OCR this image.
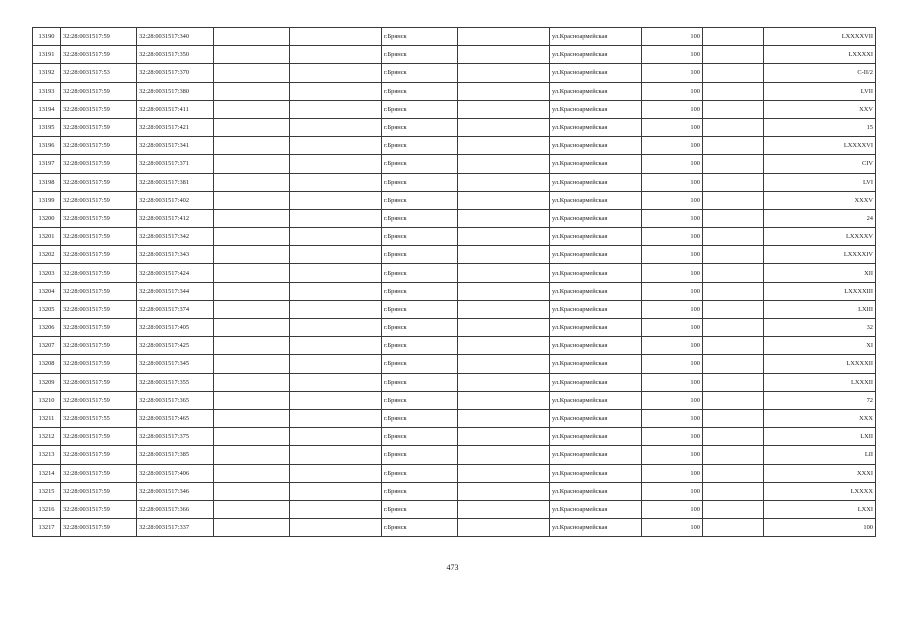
13190	32:28:0031517:59	32:28:0031517:340			г.Брянск		ул.Красноармейская	100		LXXXXVII
13191	32:28:0031517:59	32:28:0031517:350			г.Брянск		ул.Красноармейская	100		LXXXXI
13192	32:28:0031517:53	32:28:0031517:370			г.Брянск		ул.Красноармейская	100		С-II/2
13193	32:28:0031517:59	32:28:0031517:380			г.Брянск		ул.Красноармейская	100		LVII
13194	32:28:0031517:59	32:28:0031517:411			г.Брянск		ул.Красноармейская	100		XXV
13195	32:28:0031517:59	32:28:0031517:421			г.Брянск		ул.Красноармейская	100		15
13196	32:28:0031517:59	32:28:0031517:341			г.Брянск		ул.Красноармейская	100		LXXXXVI
13197	32:28:0031517:59	32:28:0031517:371			г.Брянск		ул.Красноармейская	100		CIV
13198	32:28:0031517:59	32:28:0031517:381			г.Брянск		ул.Красноармейская	100		LVI
13199	32:28:0031517:59	32:28:0031517:402			г.Брянск		ул.Красноармейская	100		XXXV
13200	32:28:0031517:59	32:28:0031517:412			г.Брянск		ул.Красноармейская	100		24
13201	32:28:0031517:59	32:28:0031517:342			г.Брянск		ул.Красноармейская	100		LXXXXV
13202	32:28:0031517:59	32:28:0031517:343			г.Брянск		ул.Красноармейская	100		LXXXXIV
13203	32:28:0031517:59	32:28:0031517:424			г.Брянск		ул.Красноармейская	100		XII
13204	32:28:0031517:59	32:28:0031517:344			г.Брянск		ул.Красноармейская	100		LXXXXIII
13205	32:28:0031517:59	32:28:0031517:374			г.Брянск		ул.Красноармейская	100		LXIII
13206	32:28:0031517:59	32:28:0031517:405			г.Брянск		ул.Красноармейская	100		32
13207	32:28:0031517:59	32:28:0031517:425			г.Брянск		ул.Красноармейская	100		XI
13208	32:28:0031517:59	32:28:0031517:345			г.Брянск		ул.Красноармейская	100		LXXXXII
13209	32:28:0031517:59	32:28:0031517:355			г.Брянск		ул.Красноармейская	100		LXXXII
13210	32:28:0031517:59	32:28:0031517:365			г.Брянск		ул.Красноармейская	100		72
13211	32:28:0031517:55	32:28:0031517:465			г.Брянск		ул.Красноармейская	100		XXX
13212	32:28:0031517:59	32:28:0031517:375			г.Брянск		ул.Красноармейская	100		LXII
13213	32:28:0031517:59	32:28:0031517:385			г.Брянск		ул.Красноармейская	100		LII
13214	32:28:0031517:59	32:28:0031517:406			г.Брянск		ул.Красноармейская	100		XXXI
13215	32:28:0031517:59	32:28:0031517:346			г.Брянск		ул.Красноармейская	100		LXXXX
13216	32:28:0031517:59	32:28:0031517:366			г.Брянск		ул.Красноармейская	100		LXXI
13217	32:28:0031517:59	32:28:0031517:337			г.Брянск		ул.Красноармейская	100		100
473
